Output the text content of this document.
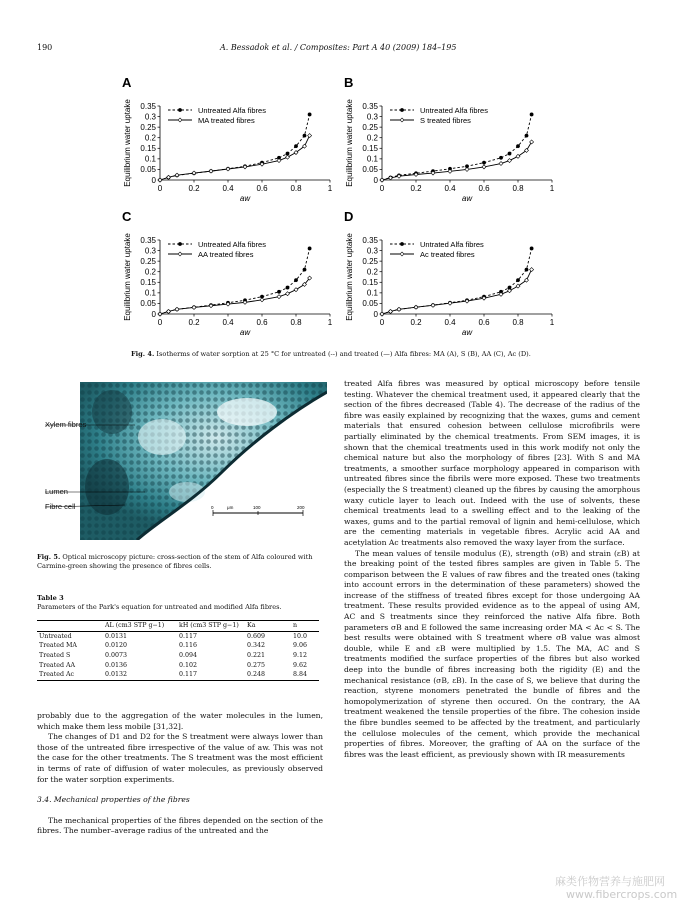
190	A. Bessadok et al. / Composites: Part A 40 (2009) 184–195
A
0	0.2	0.4	0.6	0.8	1
0
0.05
0.1
0.15
0.2
0.25
0.3
0.35
aw
Equilibrium water uptake	Untreated Alfa fibres
MA treated fibres
B
0	0.2	0.4	0.6	0.8	1
0
0.05
0.1
0.15
0.2
0.25
0.3
0.35
aw
Equilibrium water uptake	Untreated Alfa fibres
S treated fibres
C
0	0.2	0.4	0.6	0.8	1
0
0.05
0.1
0.15
0.2
0.25
0.3
0.35
aw
Equilibrium water uptake	Untreated Alfa fibres
AA treated fibres
D
0	0.2	0.4	0.6	0.8	1
0
0.05
0.1
0.15
0.2
0.25
0.3
0.35
aw
Equilibrium water uptake	Untrated Alfa fibres
Ac treated fibres
Fig. 4. Isotherms of water sorption at 25 °C for untreated (--) and treated (—) Alfa fibres: MA (A), S (B), AA (C), Ac (D).
0	μm	100	200
Xylem fibres
Lumen
Fibre cell
Fig. 5. Optical microscopy picture: cross-section of the stem of Alfa coloured with Carmine-green showing the presence of fibres cells.
Table 3
Parameters of the Park's equation for untreated and modified Alfa fibres.
	AL (cm3 STP g−1)	kH (cm3 STP g−1)	Ka	n
Untreated	0.0131	0.117	0.609	10.0
Treated MA	0.0120	0.116	0.342	9.06
Treated S	0.0073	0.094	0.221	9.12
Treated AA	0.0136	0.102	0.275	9.62
Treated Ac	0.0132	0.117	0.248	8.84

probably due to the aggregation of the water molecules in the lumen, which make them less mobile [31,32].

The changes of D1 and D2 for the S treatment were always lower than those of the untreated fibre irrespective of the value of aw. This was not the case for the other treatments. The S treatment was the most efficient in terms of rate of diffusion of water molecules, as previously observed for the water sorption experiments.

3.4. Mechanical properties of the fibres

The mechanical properties of the fibres depended on the section of the fibres. The number–average radius of the untreated and the

treated Alfa fibres was measured by optical microscopy before tensile testing. Whatever the chemical treatment used, it appeared clearly that the section of the fibres decreased (Table 4). The decrease of the radius of the fibre was easily explained by recognizing that the waxes, gums and cement materials that ensured cohesion between cellulose microfibrils were partially eliminated by the chemical treatments. From SEM images, it is shown that the chemical treatments used in this work modify not only the chemical nature but also the morphology of fibres [23]. With S and MA treatments, a smoother surface morphology appeared in comparison with untreated fibres since the fibrils were more exposed. These two treatments (especially the S treatment) cleaned up the fibres by causing the amorphous waxy cuticle layer to leach out. Indeed with the use of solvents, these chemical treatments lead to a swelling effect and to the leaking of the waxes, gums and to the partial removal of lignin and hemi-cellulose, which are the cementing materials in vegetable fibres. Acrylic acid AA and acetylation Ac treatments also removed the waxy layer from the surface.

The mean values of tensile modulus (E), strength (σB) and strain (εB) at the breaking point of the tested fibres samples are given in Table 5. The comparison between the E values of raw fibres and the treated ones (taking into account errors in the determination of these parameters) showed the increase of the stiffness of treated fibres except for those undergoing AA treatment. These results provided evidence as to the appeal of using AM, AC and S treatments since they reinforced the native Alfa fibre. Both parameters σB and E followed the same increasing order MA < Ac < S. The best results were obtained with S treatment where σB value was almost double, while E and εB were multiplied by 1.5. The MA, AC and S treatments modified the surface properties of the fibres but also worked deep into the bundle of fibres increasing both the rigidity (E) and the mechanical resistance (σB, εB). In the case of S, we believe that during the reaction, styrene monomers penetrated the bundle of fibres and the homopolymerization of styrene then occured. On the contrary, the AA treatment weakened the tensile properties of the fibre. The cohesion inside the fibre bundles seemed to be affected by the treatment, and particularly the cellulose molecules of the cement, which provide the mechanical properties of fibres. Moreover, the grafting of AA on the surface of the fibres was the least efficient, as previously shown with IR measurements

麻类作物营养与施肥网
www.fibercrops.com
